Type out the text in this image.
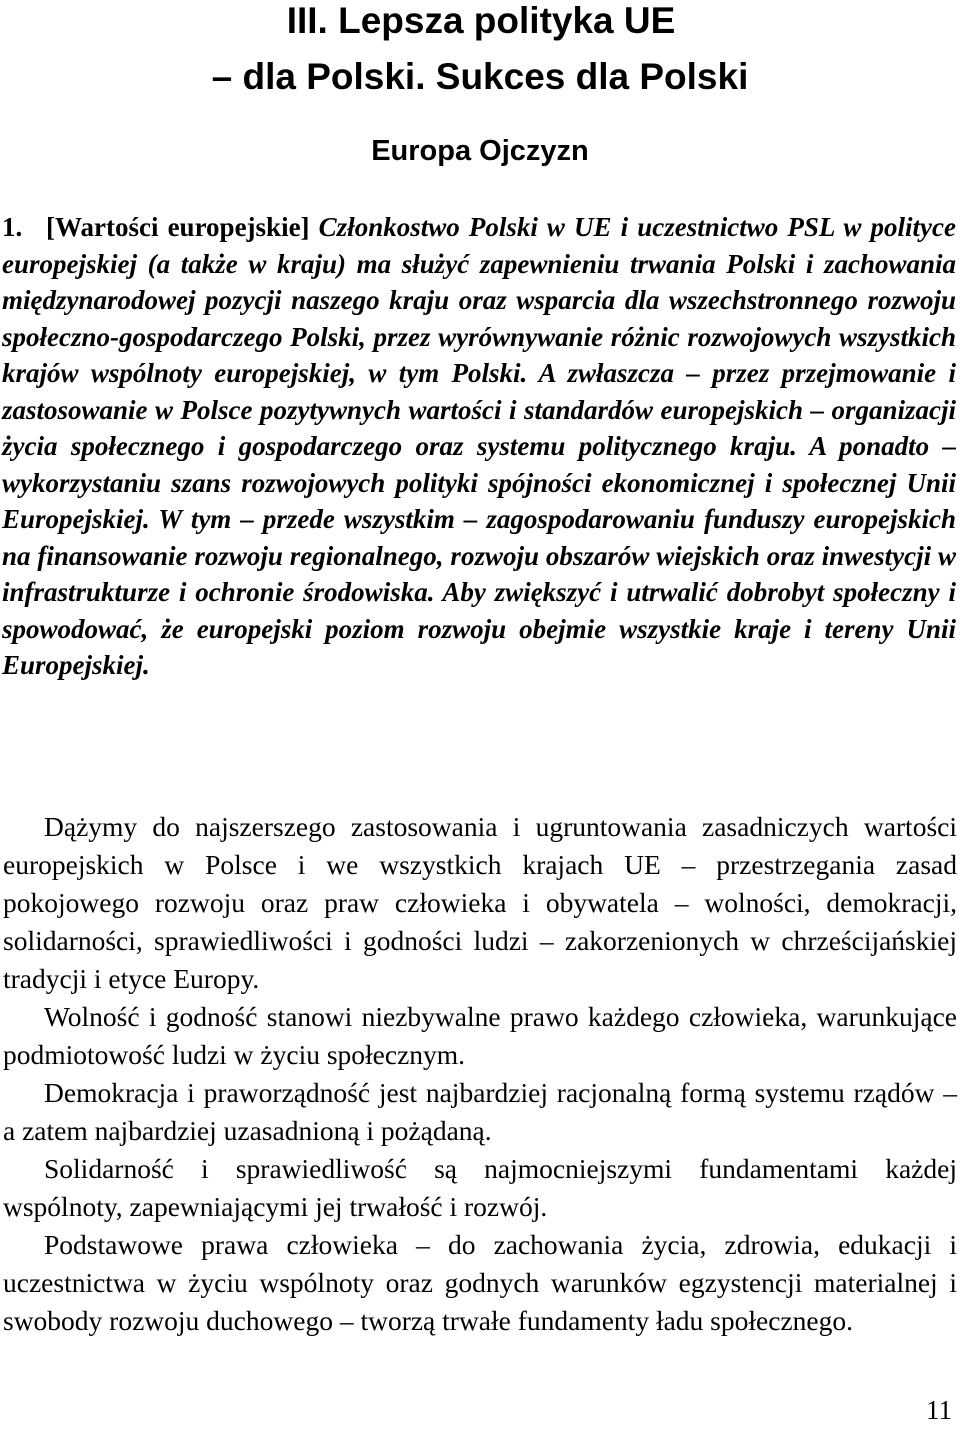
III. Lepsza polityka UE
– dla Polski. Sukces dla Polski
Europa Ojczyzn

1. [Wartości europejskie] Członkostwo Polski w UE i uczestnictwo PSL w polityce europejskiej (a także w kraju) ma służyć zapewnieniu trwania Polski i zachowania międzynarodowej pozycji naszego kraju oraz wsparcia dla wszechstronnego rozwoju społeczno-gospodarczego Polski, przez wyrównywanie różnic rozwojowych wszystkich krajów wspólnoty europejskiej, w tym Polski. A zwłaszcza – przez przejmowanie i zastosowanie w Polsce pozytywnych wartości i standardów europejskich – organizacji życia społecznego i gospodarczego oraz systemu politycznego kraju. A ponadto – wykorzystaniu szans rozwojowych polityki spójności ekonomicznej i społecznej Unii Europejskiej. W tym – przede wszystkim – zagospodarowaniu funduszy europejskich na finansowanie rozwoju regionalnego, rozwoju obszarów wiejskich oraz inwestycji w infrastrukturze i ochronie środowiska. Aby zwiększyć i utrwalić dobrobyt społeczny i spowodować, że europejski poziom rozwoju obejmie wszystkie kraje i tereny Unii Europejskiej.

Dążymy do najszerszego zastosowania i ugruntowania zasadniczych wartości europejskich w Polsce i we wszystkich krajach UE – przestrzegania zasad pokojowego rozwoju oraz praw człowieka i obywatela – wolności, demokracji, solidarności, sprawiedliwości i godności ludzi – zakorzenionych w chrześcijańskiej tradycji i etyce Europy.

Wolność i godność stanowi niezbywalne prawo każdego człowieka, warunkujące podmiotowość ludzi w życiu społecznym.

Demokracja i praworządność jest najbardziej racjonalną formą systemu rządów – a zatem najbardziej uzasadnioną i pożądaną.

Solidarność i sprawiedliwość są najmocniejszymi fundamentami każdej wspólnoty, zapewniającymi jej trwałość i rozwój.

Podstawowe prawa człowieka – do zachowania życia, zdrowia, edukacji i uczestnictwa w życiu wspólnoty oraz godnych warunków egzystencji materialnej i swobody rozwoju duchowego – tworzą trwałe fundamenty ładu społecznego.

11
